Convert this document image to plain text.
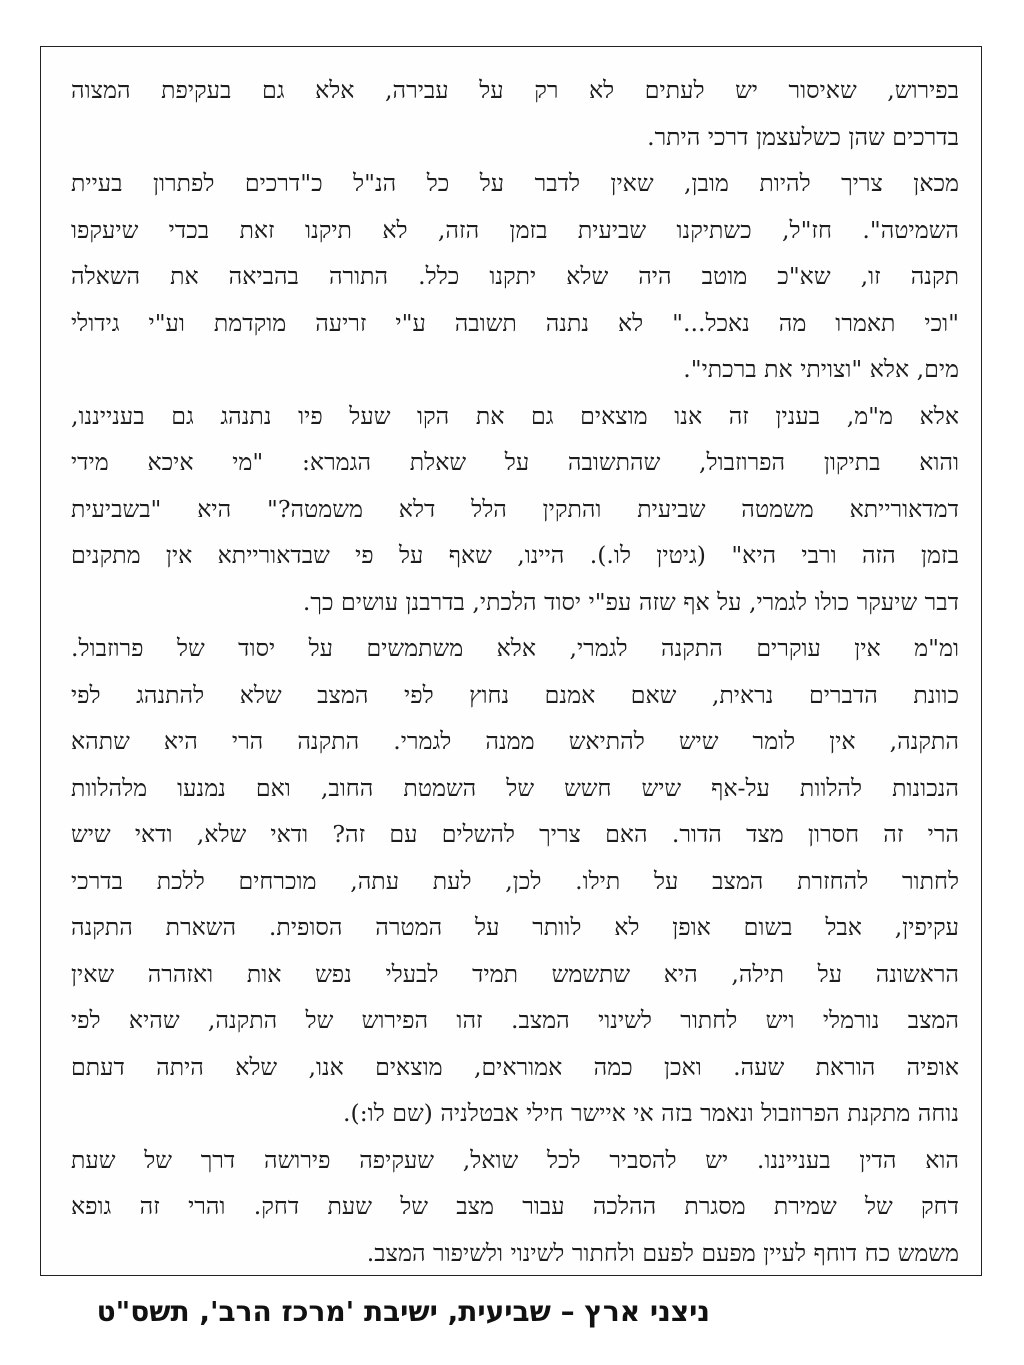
בפירוש, שאיסור יש לעתים לא רק על עבירה, אלא גם בעקיפת המצוה
בדרכים שהן כשלעצמן דרכי היתר.
מכאן צריך להיות מובן, שאין לדבר על כל הנ"ל כ"דרכים לפתרון בעיית
השמיטה". חז"ל, כשתיקנו שביעית בזמן הזה, לא תיקנו זאת בכדי שיעקפו
תקנה זו, שא"כ מוטב היה שלא יתקנו כלל. התורה בהביאה את השאלה
"וכי תאמרו מה נאכל..." לא נתנה תשובה ע"י זריעה מוקדמת וע"י גידולי
מים, אלא "וצויתי את ברכתי".
אלא מ"מ, בענין זה אנו מוצאים גם את הקו שעל פיו נתנהג גם בענייננו,
והוא בתיקון הפרוזבול, שהתשובה על שאלת הגמרא: "מי איכא מידי
דמדאורייתא משמטה שביעית והתקין הלל דלא משמטה?" היא "בשביעית
בזמן הזה ורבי היא" (גיטין לו.). היינו, שאף על פי שבדאורייתא אין מתקנים
דבר שיעקר כולו לגמרי, על אף שזה עפ"י יסוד הלכתי, בדרבנן עושים כך.
ומ"מ אין עוקרים התקנה לגמרי, אלא משתמשים על יסוד של פרוזבול.
כוונת הדברים נראית, שאם אמנם נחוץ לפי המצב שלא להתנהג לפי
התקנה, אין לומר שיש להתיאש ממנה לגמרי. התקנה הרי היא שתהא
הנכונות להלוות על-אף שיש חשש של השמטת החוב, ואם נמנעו מלהלוות
הרי זה חסרון מצד הדור. האם צריך להשלים עם זה? ודאי שלא, ודאי שיש
לחתור להחזרת המצב על תילו. לכן, לעת עתה, מוכרחים ללכת בדרכי
עקיפין, אבל בשום אופן לא לוותר על המטרה הסופית. השארת התקנה
הראשונה על תילה, היא שתשמש תמיד לבעלי נפש אות ואזהרה שאין
המצב נורמלי ויש לחתור לשינוי המצב. זהו הפירוש של התקנה, שהיא לפי
אופיה הוראת שעה. ואכן כמה אמוראים, מוצאים אנו, שלא היתה דעתם
נוחה מתקנת הפרוזבול ונאמר בזה אי איישר חילי אבטלניה (שם לו:).
הוא הדין בענייננו. יש להסביר לכל שואל, שעקיפה פירושה דרך של שעת
דחק של שמירת מסגרת ההלכה עבור מצב של שעת דחק. והרי זה גופא
משמש כח דוחף לעיין מפעם לפעם ולחתור לשינוי ולשיפור המצב.
ניצני ארץ – שביעית, ישיבת 'מרכז הרב', תשס"ט
